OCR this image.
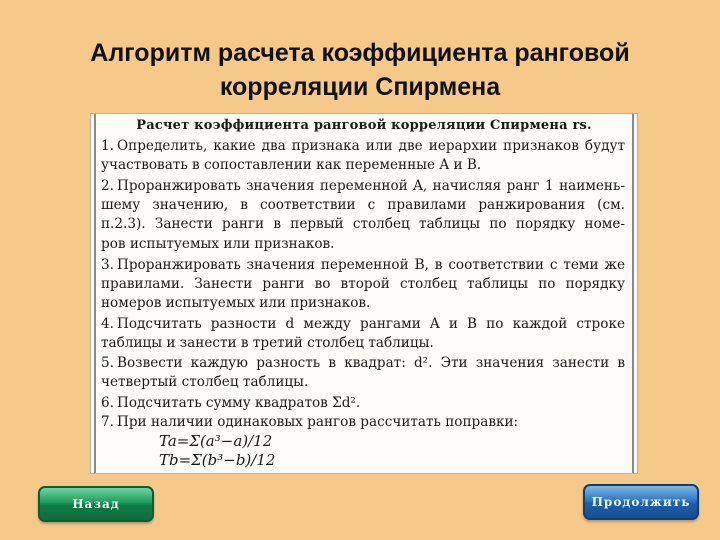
Алгоритм расчета коэффициента ранговой
корреляции Спирмена
Расчет коэффициента ранговой корреляции Спирмена rs.
1. Определить, какие два признака или две иерархии признаков будут
участвовать в сопоставлении как переменные A и B.
2. Проранжировать значения переменной A, начисляя ранг 1 наимень-
шему значению, в соответствии с правилами ранжирования (см.
п.2.3). Занести ранги в первый столбец таблицы по порядку номе-
ров испытуемых или признаков.
3. Проранжировать значения переменной B, в соответствии с теми же
правилами. Занести ранги во второй столбец таблицы по порядку
номеров испытуемых или признаков.
4. Подсчитать разности d между рангами A и B по каждой строке
таблицы и занести в третий столбец таблицы.
5. Возвести каждую разность в квадрат: d². Эти значения занести в
четвертый столбец таблицы.
6. Подсчитать сумму квадратов Σd².
7. При наличии одинаковых рангов рассчитать поправки:
Ta=Σ(a³−a)/12
Tb=Σ(b³−b)/12
Назад	Продолжить
